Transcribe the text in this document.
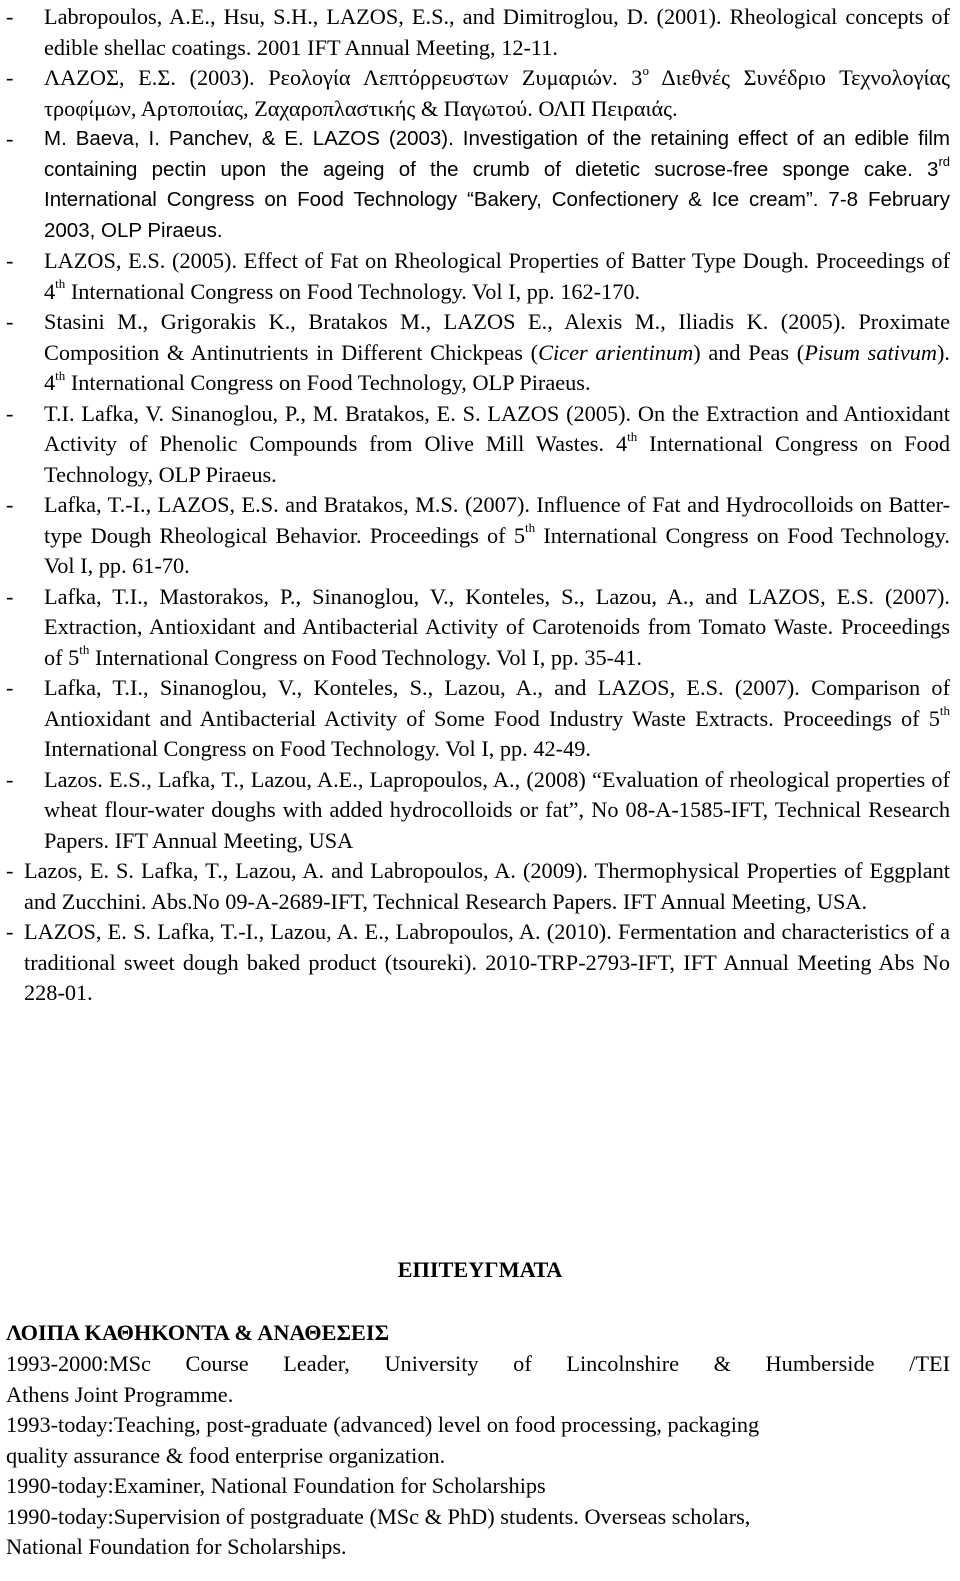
-	Labropoulos, A.E., Hsu, S.H., LAZOS, E.S., and Dimitroglou, D. (2001). Rheological concepts of edible shellac coatings. 2001 IFT Annual Meeting, 12-11.

-	ΛΑΖΟΣ, Ε.Σ. (2003). Ρεολογία Λεπτόρρευστων Ζυμαριών. $3^o$ Διεθνές Συνέδριο Τεχνολογίας τροφίμων, Αρτοποιίας, Ζαχαροπλαστικής & Παγωτού. ΟΛΠ Πειραιάς.

-	M. Baeva, I. Panchev, & E. LAZOS (2003). Investigation of the retaining effect of an edible film containing pectin upon the ageing of the crumb of dietetic sucrose-free sponge cake. 3rd International Congress on Food Technology “Bakery, Confectionery & Ice cream”. 7-8 February 2003, OLP Piraeus.

-	LAZOS, E.S. (2005). Effect of Fat on Rheological Properties of Batter Type Dough. Proceedings of 4th International Congress on Food Technology. Vol I, pp. 162-170.

-	Stasini M., Grigorakis K., Bratakos M., LAZOS E., Alexis M., Iliadis K. (2005). Proximate Composition & Antinutrients in Different Chickpeas (Cicer arientinum) and Peas (Pisum sativum). 4th International Congress on Food Technology, OLP Piraeus.

-	T.I. Lafka, V. Sinanoglou, P., M. Bratakos, E. S. LAZOS (2005). On the Extraction and Antioxidant Activity of Phenolic Compounds from Olive Mill Wastes. 4th International Congress on Food Technology, OLP Piraeus.

-	Lafka, T.-I., LAZOS, E.S. and Bratakos, M.S. (2007). Influence of Fat and Hydrocolloids on Batter-type Dough Rheological Behavior. Proceedings of 5th International Congress on Food Technology. Vol I, pp. 61-70.

-	Lafka, T.I., Mastorakos, P., Sinanoglou, V., Konteles, S., Lazou, A., and LAZOS, E.S. (2007). Extraction, Antioxidant and Antibacterial Activity of Carotenoids from Tomato Waste. Proceedings of 5th International Congress on Food Technology. Vol I, pp. 35-41.

-	Lafka, T.I., Sinanoglou, V., Konteles, S., Lazou, A., and LAZOS, E.S. (2007). Comparison of Antioxidant and Antibacterial Activity of Some Food Industry Waste Extracts. Proceedings of 5th International Congress on Food Technology. Vol I, pp. 42-49.

-	Lazos. E.S., Lafka, T., Lazou, A.E., Lapropoulos, A., (2008) “Evaluation of rheological properties of wheat flour-water doughs with added hydrocolloids or fat”, No 08-A-1585-IFT, Technical Research Papers. IFT Annual Meeting, USA

- Lazos, E. S. Lafka, T., Lazou, A. and Labropoulos, A. (2009). Thermophysical Properties of Eggplant and Zucchini. Abs.No 09-A-2689-IFT, Technical Research Papers. IFT Annual Meeting, USA.

- LAZOS, E. S. Lafka, T.-I., Lazou, A. E., Labropoulos, A. (2010). Fermentation and characteristics of a traditional sweet dough baked product (tsoureki). 2010-TRP-2793-IFT, IFT Annual Meeting Abs No 228-01.

ΕΠΙΤΕΥΓΜΑΤΑ
ΛΟΙΠΑ ΚΑΘΗΚΟΝΤΑ & ΑΝΑΘΕΣΕΙΣ
1993-2000: MSc Course Leader, University of Lincolnshire & Humberside /TEI
Athens Joint Programme.
1993-today: Teaching, post-graduate (advanced) level on food processing, packaging
quality assurance & food enterprise organization.
1990-today: Examiner, National Foundation for Scholarships
1990-today: Supervision of postgraduate (MSc & PhD) students. Overseas scholars,
National Foundation for Scholarships.
